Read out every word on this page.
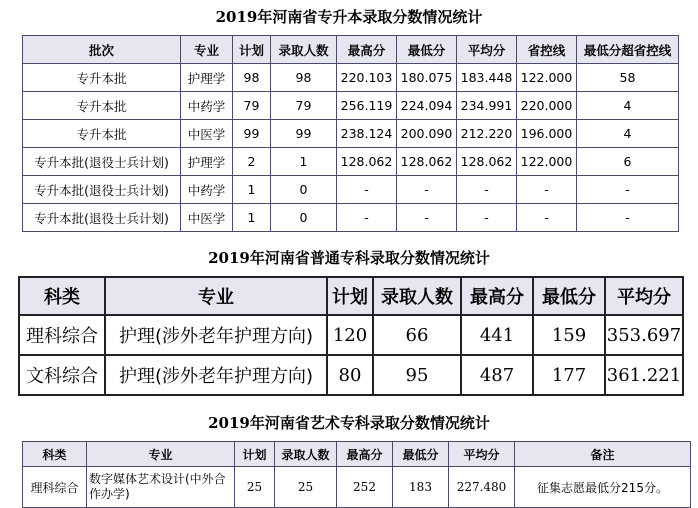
2019年河南省专升本录取分数情况统计
批次	专业	计划	录取人数	最高分	最低分	平均分	省控线	最低分超省控线
专升本批	护理学	98	98	220.103	180.075	183.448	122.000	58
专升本批	中药学	79	79	256.119	224.094	234.991	220.000	4
专升本批	中医学	99	99	238.124	200.090	212.220	196.000	4
专升本批(退役士兵计划)	护理学	2	1	128.062	128.062	128.062	122.000	6
专升本批(退役士兵计划)	中药学	1	0	-	-	-	-	-
专升本批(退役士兵计划)	中医学	1	0	-	-	-	-	-
2019年河南省普通专科录取分数情况统计
科类	专业	计划	录取人数	最高分	最低分	平均分
理科综合	护理(涉外老年护理方向)	120	66	441	159	353.697
文科综合	护理(涉外老年护理方向)	80	95	487	177	361.221
2019年河南省艺术专科录取分数情况统计
科类	专业	计划	录取人数	最高分	最低分	平均分	备注
理科综合	数字媒体艺术设计(中外合作办学)	25	25	252	183	227.480	征集志愿最低分215分。
